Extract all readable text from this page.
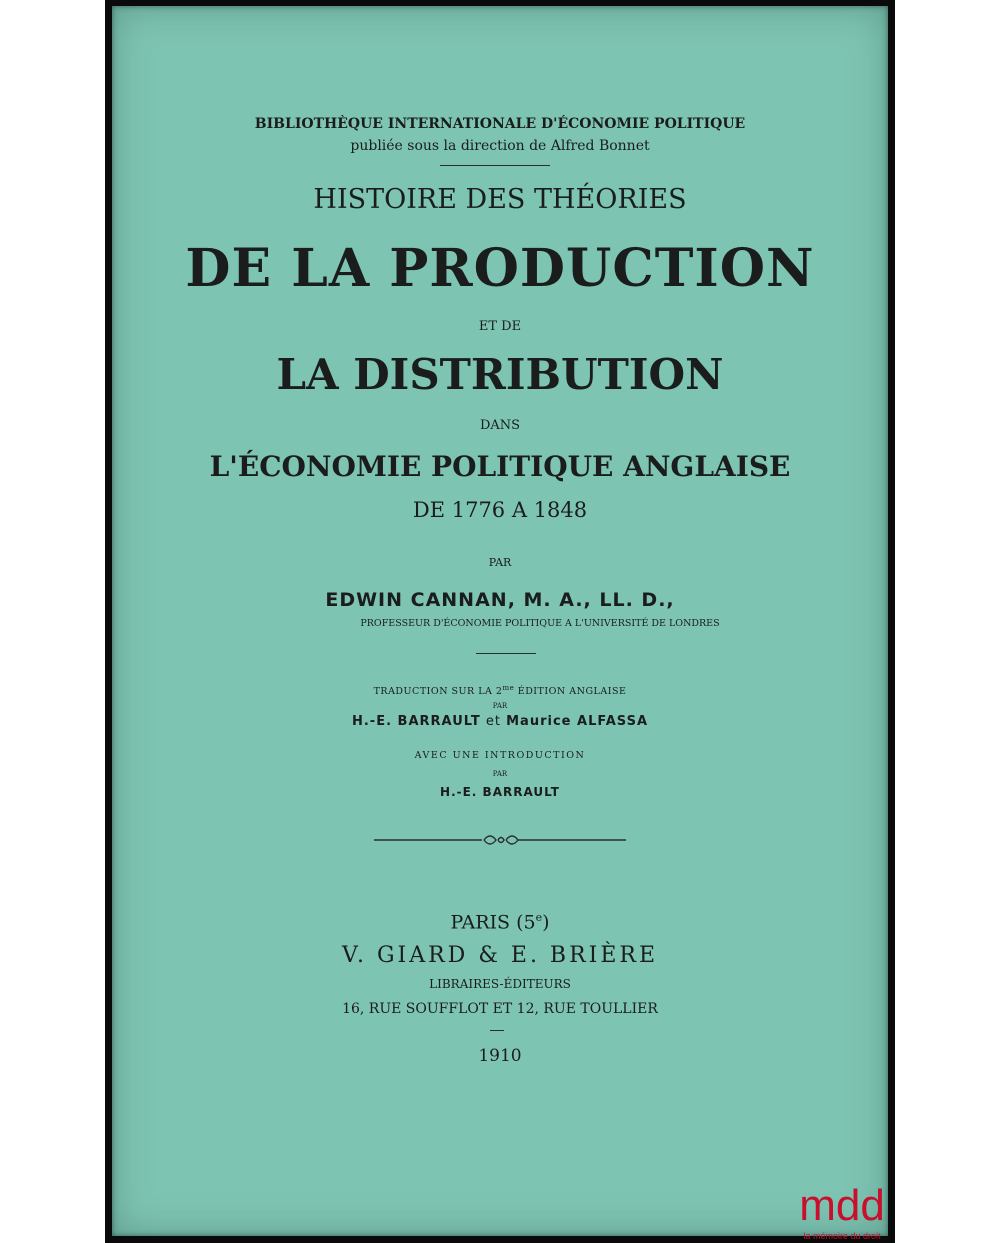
BIBLIOTHÈQUE INTERNATIONALE D'ÉCONOMIE POLITIQUE

publiée sous la direction de Alfred Bonnet

HISTOIRE DES THÉORIES

DE LA PRODUCTION

ET DE

LA DISTRIBUTION

DANS

L'ÉCONOMIE POLITIQUE ANGLAISE

DE 1776 A 1848

PAR

EDWIN CANNAN, M. A., LL. D.,

PROFESSEUR D'ÉCONOMIE POLITIQUE A L'UNIVERSITÉ DE LONDRES

TRADUCTION SUR LA $2^{me}$ ÉDITION ANGLAISE

PAR

H.-E. BARRAULT et Maurice ALFASSA

AVEC UNE INTRODUCTION

PAR

H.-E. BARRAULT

PARIS (5e)

V. GIARD & E. BRIÈRE

LIBRAIRES-ÉDITEURS

16, RUE SOUFFLOT ET 12, RUE TOULLIER

1910

mdd
la mémoire du droit
